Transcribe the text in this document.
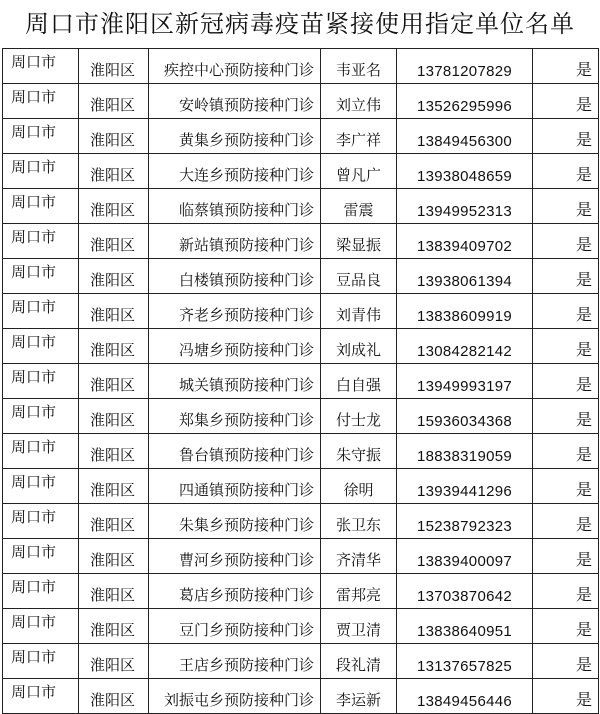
周口市淮阳区新冠病毒疫苗紧接使用指定单位名单
周口市	淮阳区	疾控中心预防接种门诊	韦亚名	13781207829	是
周口市	淮阳区	安岭镇预防接种门诊	刘立伟	13526295996	是
周口市	淮阳区	黄集乡预防接种门诊	李广祥	13849456300	是
周口市	淮阳区	大连乡预防接种门诊	曾凡广	13938048659	是
周口市	淮阳区	临蔡镇预防接种门诊	雷震	13949952313	是
周口市	淮阳区	新站镇预防接种门诊	梁显振	13839409702	是
周口市	淮阳区	白楼镇预防接种门诊	豆品良	13938061394	是
周口市	淮阳区	齐老乡预防接种门诊	刘青伟	13838609919	是
周口市	淮阳区	冯塘乡预防接种门诊	刘成礼	13084282142	是
周口市	淮阳区	城关镇预防接种门诊	白自强	13949993197	是
周口市	淮阳区	郑集乡预防接种门诊	付士龙	15936034368	是
周口市	淮阳区	鲁台镇预防接种门诊	朱守振	18838319059	是
周口市	淮阳区	四通镇预防接种门诊	徐明	13939441296	是
周口市	淮阳区	朱集乡预防接种门诊	张卫东	15238792323	是
周口市	淮阳区	曹河乡预防接种门诊	齐清华	13839400097	是
周口市	淮阳区	葛店乡预防接种门诊	雷邦亮	13703870642	是
周口市	淮阳区	豆门乡预防接种门诊	贾卫清	13838640951	是
周口市	淮阳区	王店乡预防接种门诊	段礼清	13137657825	是
周口市	淮阳区	刘振屯乡预防接种门诊	李运新	13849456446	是
